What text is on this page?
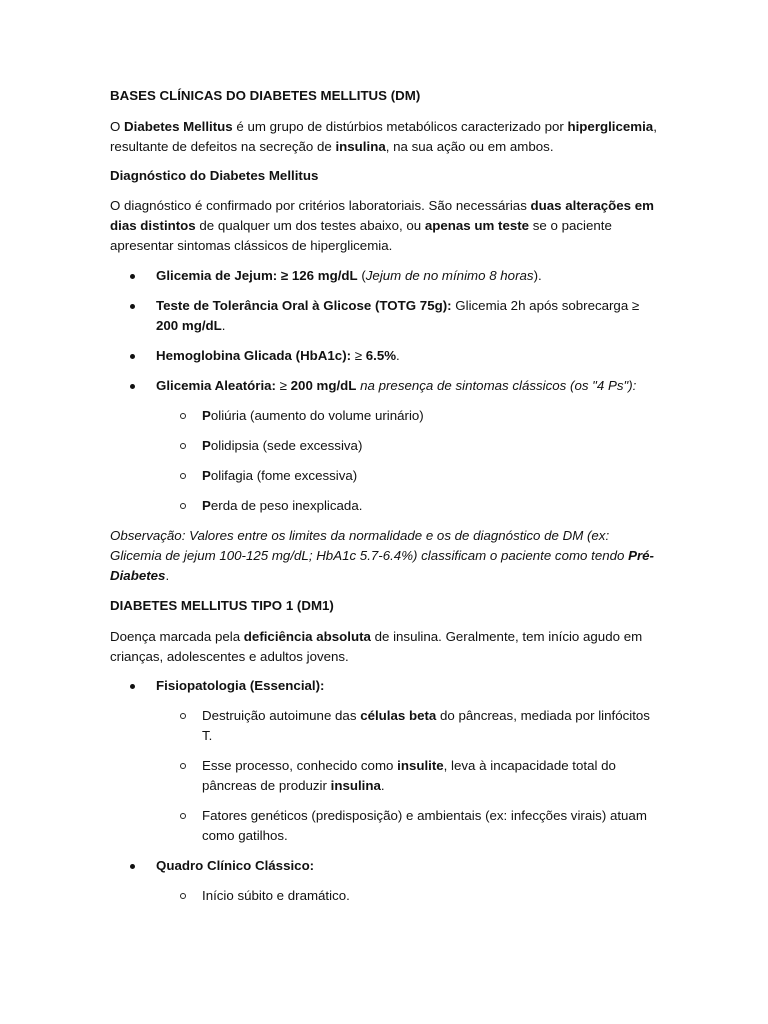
BASES CLÍNICAS DO DIABETES MELLITUS (DM)

O Diabetes Mellitus é um grupo de distúrbios metabólicos caracterizado por hiperglicemia, resultante de defeitos na secreção de insulina, na sua ação ou em ambos.

Diagnóstico do Diabetes Mellitus

O diagnóstico é confirmado por critérios laboratoriais. São necessárias duas alterações em dias distintos de qualquer um dos testes abaixo, ou apenas um teste se o paciente apresentar sintomas clássicos de hiperglicemia.

Glicemia de Jejum: ≥ 126 mg/dL (Jejum de no mínimo 8 horas).
Teste de Tolerância Oral à Glicose (TOTG 75g): Glicemia 2h após sobrecarga ≥ 200 mg/dL.
Hemoglobina Glicada (HbA1c): ≥ 6.5%.
Glicemia Aleatória: ≥ 200 mg/dL na presença de sintomas clássicos (os "4 Ps"):
Poliúria (aumento do volume urinário)
Polidipsia (sede excessiva)
Polifagia (fome excessiva)
Perda de peso inexplicada.

Observação: Valores entre os limites da normalidade e os de diagnóstico de DM (ex: Glicemia de jejum 100-125 mg/dL; HbA1c 5.7-6.4%) classificam o paciente como tendo Pré-Diabetes.

DIABETES MELLITUS TIPO 1 (DM1)

Doença marcada pela deficiência absoluta de insulina. Geralmente, tem início agudo em crianças, adolescentes e adultos jovens.

Fisiopatologia (Essencial):
Destruição autoimune das células beta do pâncreas, mediada por linfócitos T.
Esse processo, conhecido como insulite, leva à incapacidade total do pâncreas de produzir insulina.
Fatores genéticos (predisposição) e ambientais (ex: infecções virais) atuam como gatilhos.
Quadro Clínico Clássico:
Início súbito e dramático.
